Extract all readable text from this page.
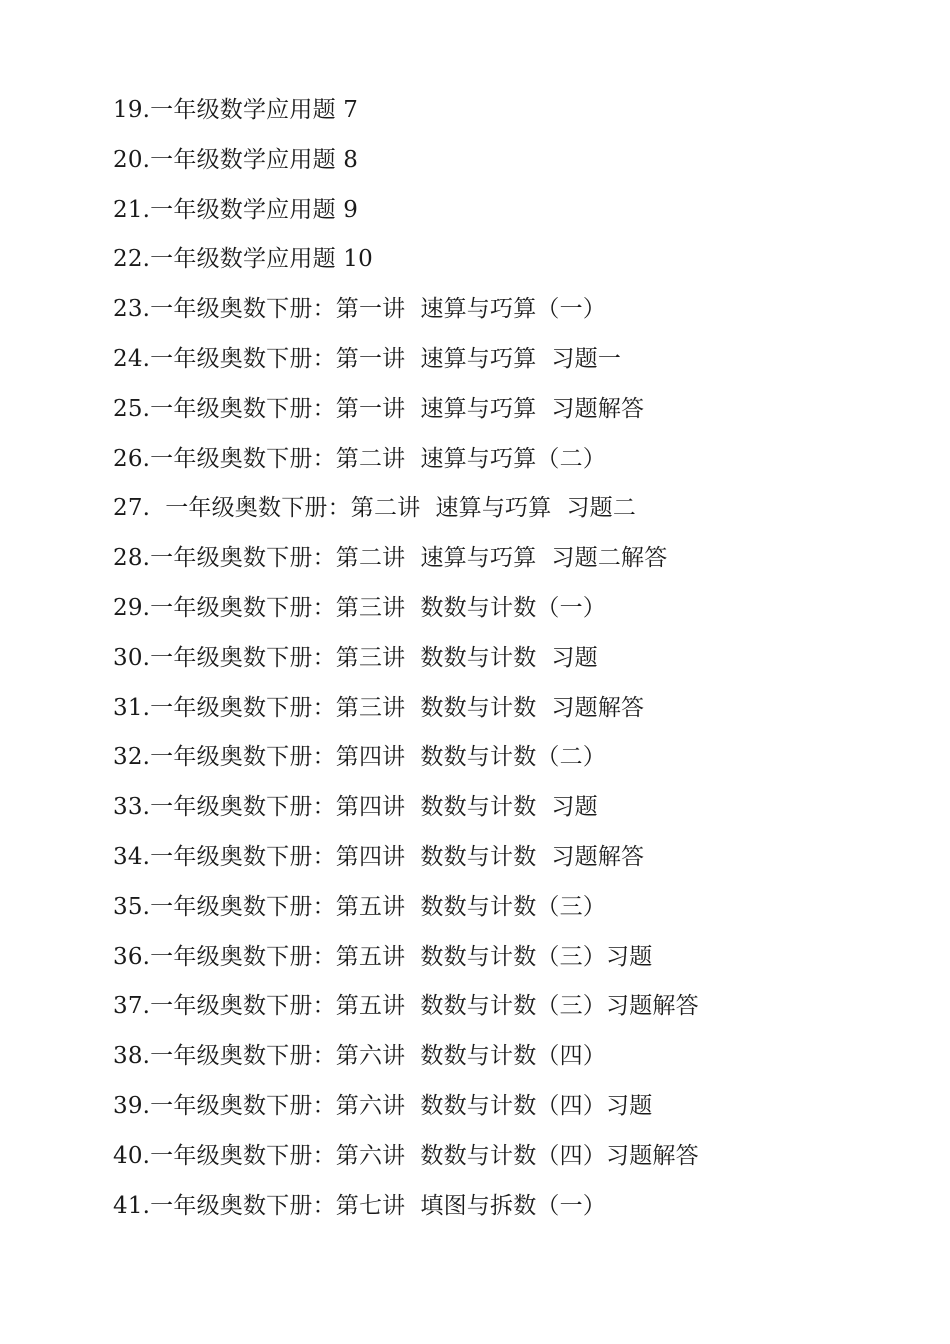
19.一年级数学应用题 7
20.一年级数学应用题 8
21.一年级数学应用题 9
22.一年级数学应用题 10
23.一年级奥数下册：第一讲  速算与巧算（一）
24.一年级奥数下册：第一讲  速算与巧算  习题一
25.一年级奥数下册：第一讲  速算与巧算  习题解答
26.一年级奥数下册：第二讲  速算与巧算（二）
27.  一年级奥数下册：第二讲  速算与巧算  习题二
28.一年级奥数下册：第二讲  速算与巧算  习题二解答
29.一年级奥数下册：第三讲  数数与计数（一）
30.一年级奥数下册：第三讲  数数与计数  习题
31.一年级奥数下册：第三讲  数数与计数  习题解答
32.一年级奥数下册：第四讲  数数与计数（二）
33.一年级奥数下册：第四讲  数数与计数  习题
34.一年级奥数下册：第四讲  数数与计数  习题解答
35.一年级奥数下册：第五讲  数数与计数（三）
36.一年级奥数下册：第五讲  数数与计数（三）习题
37.一年级奥数下册：第五讲  数数与计数（三）习题解答
38.一年级奥数下册：第六讲  数数与计数（四）
39.一年级奥数下册：第六讲  数数与计数（四）习题
40.一年级奥数下册：第六讲  数数与计数（四）习题解答
41.一年级奥数下册：第七讲  填图与拆数（一）
